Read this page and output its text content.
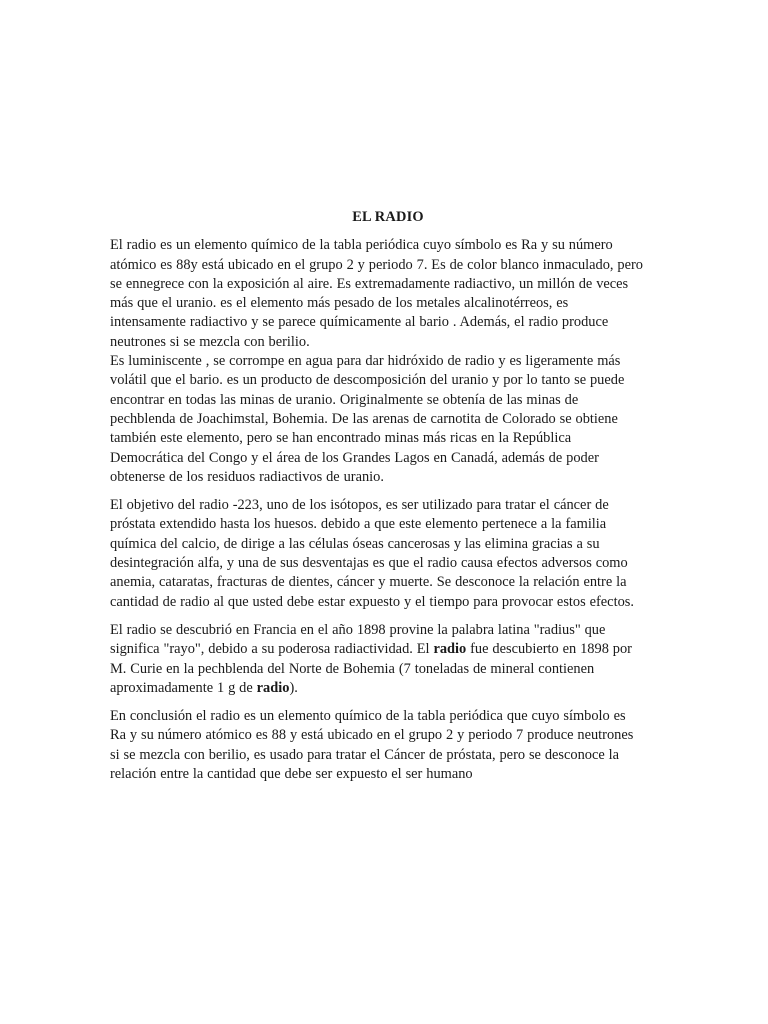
EL RADIO
El radio es un elemento químico de la tabla periódica cuyo símbolo es Ra y su número
atómico es 88y está ubicado en el grupo 2 y periodo 7. Es de color blanco inmaculado, pero
se ennegrece con la exposición al aire. Es extremadamente radiactivo, un millón de veces
más que el uranio. es el elemento más pesado de los metales alcalinotérreos, es
intensamente radiactivo y se parece químicamente al bario . Además, el radio produce
neutrones si se mezcla con berilio.
Es luminiscente , se corrompe en agua para dar hidróxido de radio y es ligeramente más
volátil que el bario. es un producto de descomposición del uranio y por lo tanto se puede
encontrar en todas las minas de uranio. Originalmente se obtenía de las minas de
pechblenda de Joachimstal, Bohemia. De las arenas de carnotita de Colorado se obtiene
también este elemento, pero se han encontrado minas más ricas en la República
Democrática del Congo y el área de los Grandes Lagos en Canadá, además de poder
obtenerse de los residuos radiactivos de uranio.
El objetivo del radio -223, uno de los isótopos, es ser utilizado para tratar el cáncer de
próstata extendido hasta los huesos. debido a que este elemento pertenece a la familia
química del calcio, de dirige a las células óseas cancerosas y las elimina gracias a su
desintegración alfa, y una de sus desventajas es que el radio causa efectos adversos como
anemia, cataratas, fracturas de dientes, cáncer y muerte. Se desconoce la relación entre la
cantidad de radio al que usted debe estar expuesto y el tiempo para provocar estos efectos.
El radio se descubrió en Francia en el año 1898 provine la palabra latina "radius" que
significa "rayo", debido a su poderosa radiactividad. El radio fue descubierto en 1898 por
M. Curie en la pechblenda del Norte de Bohemia (7 toneladas de mineral contienen
aproximadamente 1 g de radio).
En conclusión el radio es un elemento químico de la tabla periódica que cuyo símbolo es
Ra y su número atómico es 88 y está ubicado en el grupo 2 y periodo 7 produce neutrones
si se mezcla con berilio, es usado para tratar el Cáncer de próstata, pero se desconoce la
relación entre la cantidad que debe ser expuesto el ser humano
